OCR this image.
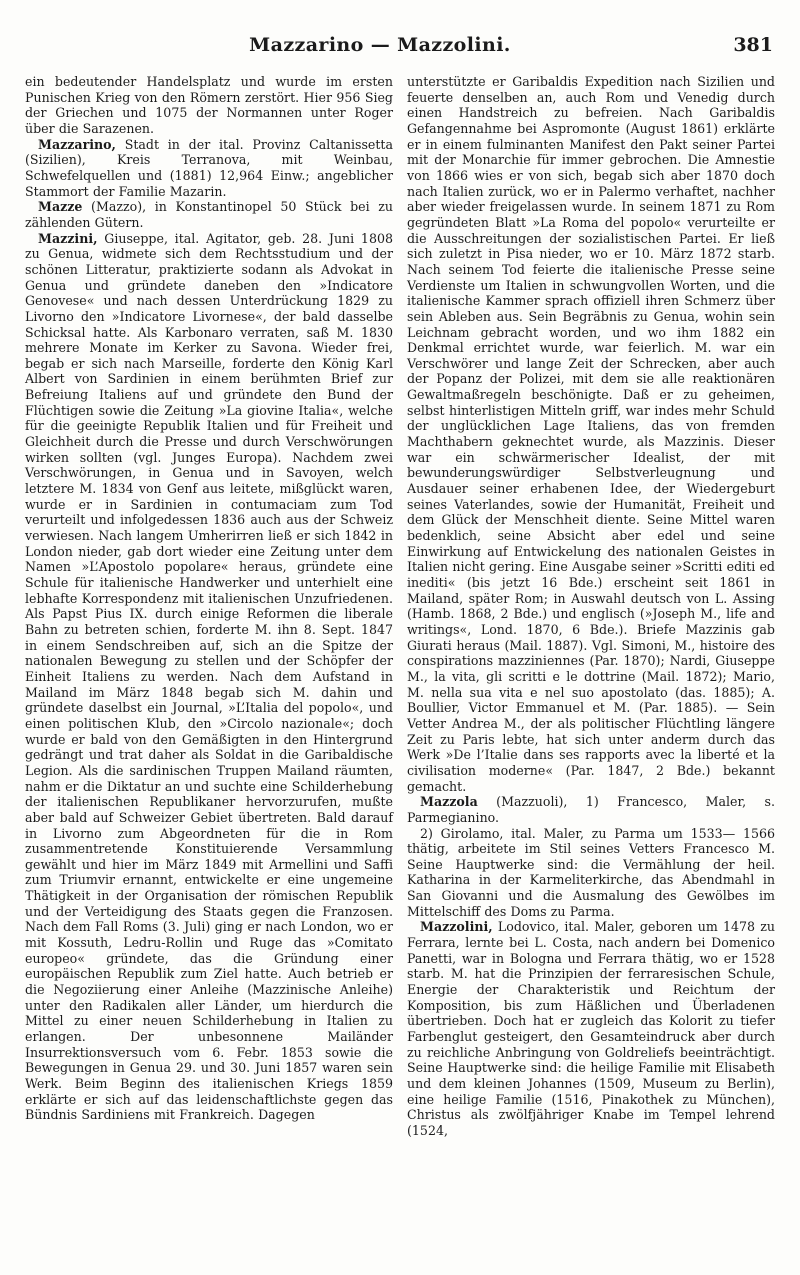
Mazzarino — Mazzolini.	381

ein bedeutender Handelsplatz und wurde im ersten Punischen Krieg von den Römern zerstört. Hier 956 Sieg der Griechen und 1075 der Normannen unter Roger über die Sarazenen.

Mazzarino, Stadt in der ital. Provinz Caltanissetta (Sizilien), Kreis Terranova, mit Weinbau, Schwefelquellen und (1881) 12,964 Einw.; angeblicher Stammort der Familie Mazarin.

Mazze (Mazzo), in Konstantinopel 50 Stück bei zu zählenden Gütern.

Mazzini, Giuseppe, ital. Agitator, geb. 28. Juni 1808 zu Genua, widmete sich dem Rechtsstudium und der schönen Litteratur, praktizierte sodann als Advokat in Genua und gründete daneben den »Indicatore Genovese« und nach dessen Unterdrückung 1829 zu Livorno den »Indicatore Livornese«, der bald dasselbe Schicksal hatte. Als Karbonaro verraten, saß M. 1830 mehrere Monate im Kerker zu Savona. Wieder frei, begab er sich nach Marseille, forderte den König Karl Albert von Sardinien in einem berühmten Brief zur Befreiung Italiens auf und gründete den Bund der Flüchtigen sowie die Zeitung »La giovine Italia«, welche für die geeinigte Republik Italien und für Freiheit und Gleichheit durch die Presse und durch Verschwörungen wirken sollten (vgl. Junges Europa). Nachdem zwei Verschwörungen, in Genua und in Savoyen, welch letztere M. 1834 von Genf aus leitete, mißglückt waren, wurde er in Sardinien in contumaciam zum Tod verurteilt und infolgedessen 1836 auch aus der Schweiz verwiesen. Nach langem Umherirren ließ er sich 1842 in London nieder, gab dort wieder eine Zeitung unter dem Namen »L’Apostolo popolare« heraus, gründete eine Schule für italienische Handwerker und unterhielt eine lebhafte Korrespondenz mit italienischen Unzufriedenen. Als Papst Pius IX. durch einige Reformen die liberale Bahn zu betreten schien, forderte M. ihn 8. Sept. 1847 in einem Sendschreiben auf, sich an die Spitze der nationalen Bewegung zu stellen und der Schöpfer der Einheit Italiens zu werden. Nach dem Aufstand in Mailand im März 1848 begab sich M. dahin und gründete daselbst ein Journal, »L’Italia del popolo«, und einen politischen Klub, den »Circolo nazionale«; doch wurde er bald von den Gemäßigten in den Hintergrund gedrängt und trat daher als Soldat in die Garibaldische Legion. Als die sardinischen Truppen Mailand räumten, nahm er die Diktatur an und suchte eine Schilderhebung der italienischen Republikaner hervorzurufen, mußte aber bald auf Schweizer Gebiet übertreten. Bald darauf in Livorno zum Abgeordneten für die in Rom zusammentretende Konstituierende Versammlung gewählt und hier im März 1849 mit Armellini und Saffi zum Triumvir ernannt, entwickelte er eine ungemeine Thätigkeit in der Organisation der römischen Republik und der Verteidigung des Staats gegen die Franzosen. Nach dem Fall Roms (3. Juli) ging er nach London, wo er mit Kossuth, Ledru-Rollin und Ruge das »Comitato europeo« gründete, das die Gründung einer europäischen Republik zum Ziel hatte. Auch betrieb er die Negoziierung einer Anleihe (Mazzinische Anleihe) unter den Radikalen aller Länder, um hierdurch die Mittel zu einer neuen Schilderhebung in Italien zu erlangen. Der unbesonnene Mailänder Insurrektionsversuch vom 6. Febr. 1853 sowie die Bewegungen in Genua 29. und 30. Juni 1857 waren sein Werk. Beim Beginn des italienischen Kriegs 1859 erklärte er sich auf das leidenschaftlichste gegen das Bündnis Sardiniens mit Frankreich. Dagegen

unterstützte er Garibaldis Expedition nach Sizilien und feuerte denselben an, auch Rom und Venedig durch einen Handstreich zu befreien. Nach Garibaldis Gefangennahme bei Aspromonte (August 1861) erklärte er in einem fulminanten Manifest den Pakt seiner Partei mit der Monarchie für immer gebrochen. Die Amnestie von 1866 wies er von sich, begab sich aber 1870 doch nach Italien zurück, wo er in Palermo verhaftet, nachher aber wieder freigelassen wurde. In seinem 1871 zu Rom gegründeten Blatt »La Roma del popolo« verurteilte er die Ausschreitungen der sozialistischen Partei. Er ließ sich zuletzt in Pisa nieder, wo er 10. März 1872 starb. Nach seinem Tod feierte die italienische Presse seine Verdienste um Italien in schwungvollen Worten, und die italienische Kammer sprach offiziell ihren Schmerz über sein Ableben aus. Sein Begräbnis zu Genua, wohin sein Leichnam gebracht worden, und wo ihm 1882 ein Denkmal errichtet wurde, war feierlich. M. war ein Verschwörer und lange Zeit der Schrecken, aber auch der Popanz der Polizei, mit dem sie alle reaktionären Gewaltmaßregeln beschönigte. Daß er zu geheimen, selbst hinterlistigen Mitteln griff, war indes mehr Schuld der unglücklichen Lage Italiens, das von fremden Machthabern geknechtet wurde, als Mazzinis. Dieser war ein schwärmerischer Idealist, der mit bewunderungswürdiger Selbstverleugnung und Ausdauer seiner erhabenen Idee, der Wiedergeburt seines Vaterlandes, sowie der Humanität, Freiheit und dem Glück der Menschheit diente. Seine Mittel waren bedenklich, seine Absicht aber edel und seine Einwirkung auf Entwickelung des nationalen Geistes in Italien nicht gering. Eine Ausgabe seiner »Scritti editi ed inediti« (bis jetzt 16 Bde.) erscheint seit 1861 in Mailand, später Rom; in Auswahl deutsch von L. Assing (Hamb. 1868, 2 Bde.) und englisch (»Joseph M., life and writings«, Lond. 1870, 6 Bde.). Briefe Mazzinis gab Giurati heraus (Mail. 1887). Vgl. Simoni, M., histoire des conspirations mazziniennes (Par. 1870); Nardi, Giuseppe M., la vita, gli scritti e le dottrine (Mail. 1872); Mario, M. nella sua vita e nel suo apostolato (das. 1885); A. Boullier, Victor Emmanuel et M. (Par. 1885). — Sein Vetter Andrea M., der als politischer Flüchtling längere Zeit zu Paris lebte, hat sich unter anderm durch das Werk »De l’Italie dans ses rapports avec la liberté et la civilisation moderne« (Par. 1847, 2 Bde.) bekannt gemacht.

Mazzola (Mazzuoli), 1) Francesco, Maler, s. Parmegianino.

2) Girolamo, ital. Maler, zu Parma um 1533— 1566 thätig, arbeitete im Stil seines Vetters Francesco M. Seine Hauptwerke sind: die Vermählung der heil. Katharina in der Karmeliterkirche, das Abendmahl in San Giovanni und die Ausmalung des Gewölbes im Mittelschiff des Doms zu Parma.

Mazzolini, Lodovico, ital. Maler, geboren um 1478 zu Ferrara, lernte bei L. Costa, nach andern bei Domenico Panetti, war in Bologna und Ferrara thätig, wo er 1528 starb. M. hat die Prinzipien der ferraresischen Schule, Energie der Charakteristik und Reichtum der Komposition, bis zum Häßlichen und Überladenen übertrieben. Doch hat er zugleich das Kolorit zu tiefer Farbenglut gesteigert, den Gesamteindruck aber durch zu reichliche Anbringung von Goldreliefs beeinträchtigt. Seine Hauptwerke sind: die heilige Familie mit Elisabeth und dem kleinen Johannes (1509, Museum zu Berlin), eine heilige Familie (1516, Pinakothek zu München), Christus als zwölfjähriger Knabe im Tempel lehrend (1524,
